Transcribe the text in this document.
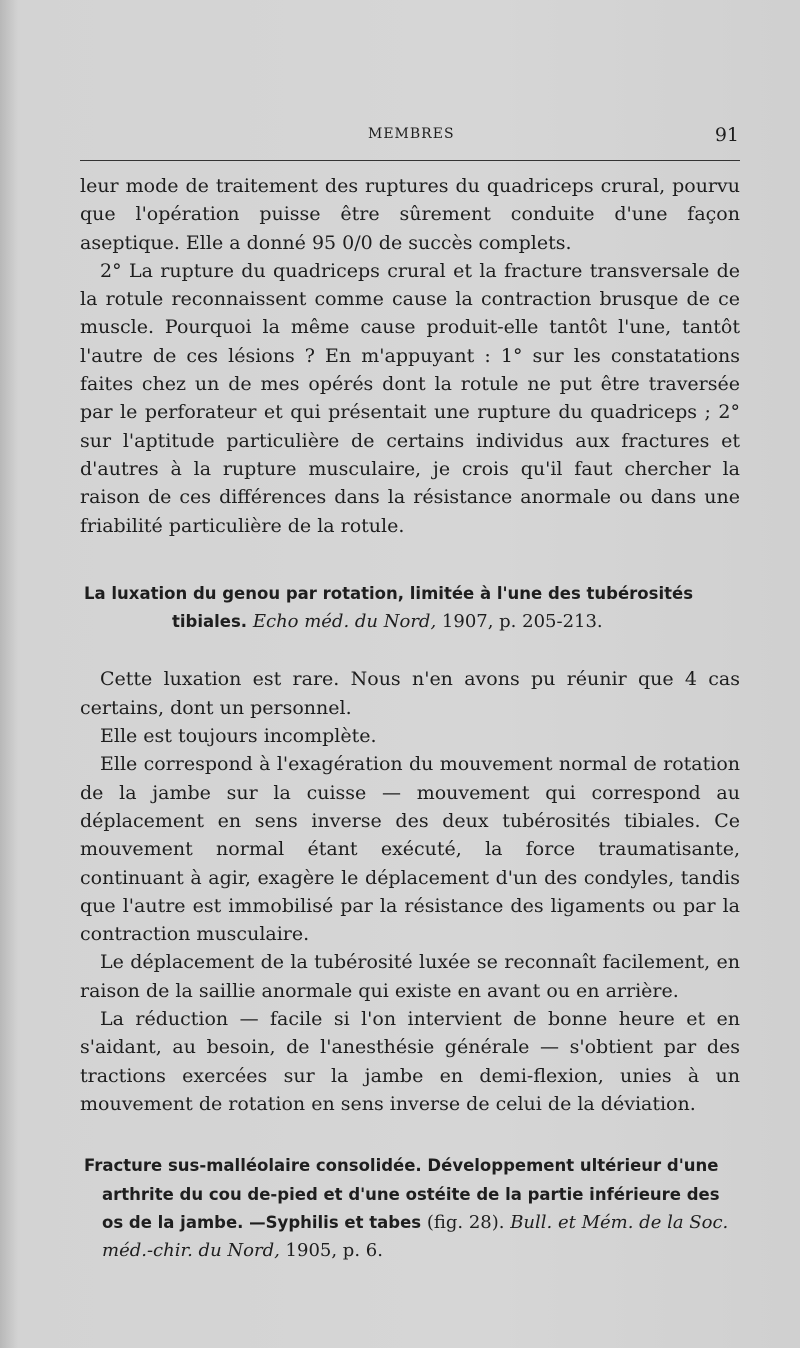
MEMBRES	91

leur mode de traitement des ruptures du quadriceps crural, pourvu que l'opération puisse être sûrement conduite d'une façon aseptique. Elle a donné 95 0/0 de succès complets.

2° La rupture du quadriceps crural et la fracture transversale de la rotule reconnaissent comme cause la contraction brusque de ce muscle. Pourquoi la même cause produit-elle tantôt l'une, tantôt l'autre de ces lésions ? En m'appuyant : 1° sur les constatations faites chez un de mes opérés dont la rotule ne put être traversée par le perforateur et qui présentait une rupture du quadriceps ; 2° sur l'aptitude particulière de certains individus aux fractures et d'autres à la rupture musculaire, je crois qu'il faut chercher la raison de ces différences dans la résistance anormale ou dans une friabilité particulière de la rotule.

La luxation du genou par rotation, limitée à l'une des tubérosités tibiales. Echo méd. du Nord, 1907, p. 205-213.

Cette luxation est rare. Nous n'en avons pu réunir que 4 cas certains, dont un personnel.

Elle est toujours incomplète.

Elle correspond à l'exagération du mouvement normal de rotation de la jambe sur la cuisse — mouvement qui correspond au déplacement en sens inverse des deux tubérosités tibiales. Ce mouvement normal étant exécuté, la force traumatisante, continuant à agir, exagère le déplacement d'un des condyles, tandis que l'autre est immobilisé par la résistance des ligaments ou par la contraction musculaire.

Le déplacement de la tubérosité luxée se reconnaît facilement, en raison de la saillie anormale qui existe en avant ou en arrière.

La réduction — facile si l'on intervient de bonne heure et en s'aidant, au besoin, de l'anesthésie générale — s'obtient par des tractions exercées sur la jambe en demi-flexion, unies à un mouvement de rotation en sens inverse de celui de la déviation.

Fracture sus-malléolaire consolidée. Développement ultérieur d'une arthrite du cou de-pied et d'une ostéite de la partie inférieure des os de la jambe. —Syphilis et tabes (fig. 28). Bull. et Mém. de la Soc. méd.-chir. du Nord, 1905, p. 6.
